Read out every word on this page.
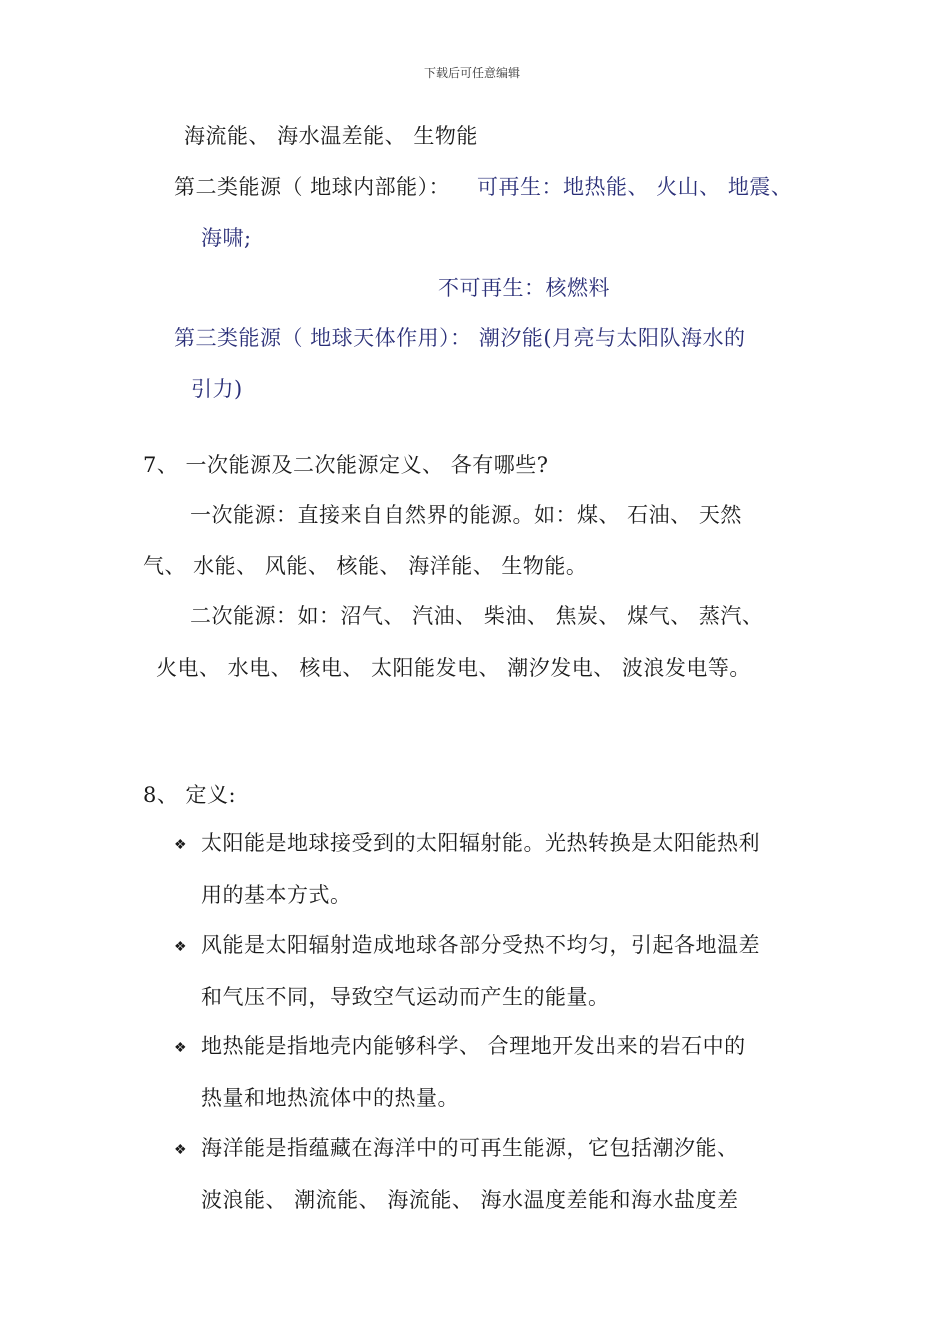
下载后可任意编辑
海流能、 海水温差能、 生物能
第二类能源（ 地球内部能）： 可再生：地热能、 火山、 地震、
海啸;
不可再生：核燃料
第三类能源（ 地球天体作用）： 潮汐能(月亮与太阳队海水的
引力)
7、 一次能源及二次能源定义、 各有哪些?
一次能源：直接来自自然界的能源。如：煤、 石油、 天然
气、 水能、 风能、 核能、 海洋能、 生物能。
二次能源：如：沼气、 汽油、 柴油、 焦炭、 煤气、 蒸汽、
火电、 水电、 核电、 太阳能发电、 潮汐发电、 波浪发电等。
8、 定义:
❖ 太阳能是地球接受到的太阳辐射能。光热转换是太阳能热利
用的基本方式。
❖ 风能是太阳辐射造成地球各部分受热不均匀，引起各地温差
和气压不同，导致空气运动而产生的能量。
❖ 地热能是指地壳内能够科学、 合理地开发出来的岩石中的
热量和地热流体中的热量。
❖ 海洋能是指蕴藏在海洋中的可再生能源，它包括潮汐能、
波浪能、 潮流能、 海流能、 海水温度差能和海水盐度差
